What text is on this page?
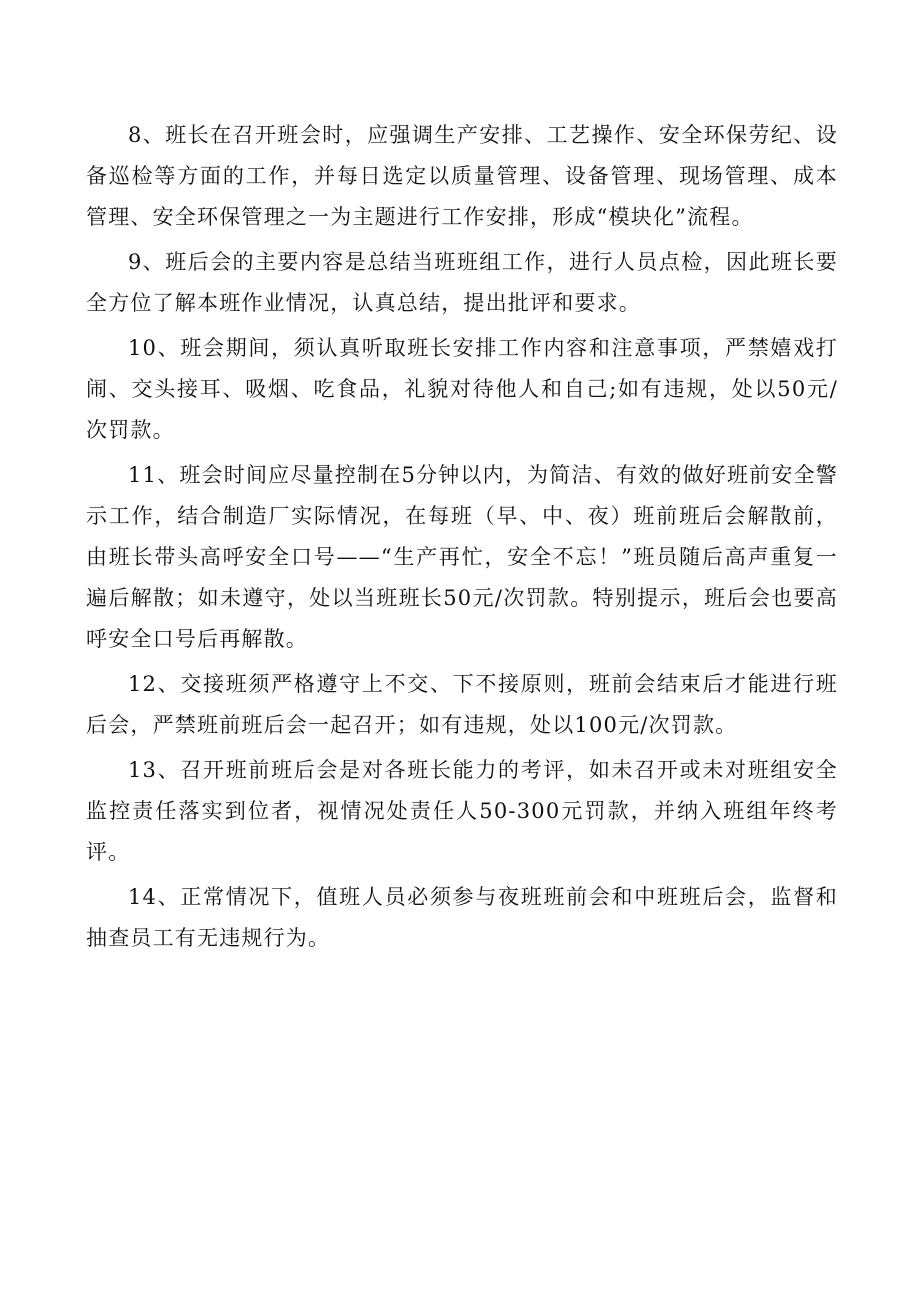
8、班长在召开班会时，应强调生产安排、工艺操作、安全环保劳纪、设备巡检等方面的工作，并每日选定以质量管理、设备管理、现场管理、成本管理、安全环保管理之一为主题进行工作安排，形成“模块化”流程。

9、班后会的主要内容是总结当班班组工作，进行人员点检，因此班长要全方位了解本班作业情况，认真总结，提出批评和要求。

10、班会期间，须认真听取班长安排工作内容和注意事项，严禁嬉戏打闹、交头接耳、吸烟、吃食品，礼貌对待他人和自己;如有违规，处以50元/次罚款。

11、班会时间应尽量控制在5分钟以内，为简洁、有效的做好班前安全警示工作，结合制造厂实际情况，在每班（早、中、夜）班前班后会解散前，由班长带头高呼安全口号——“生产再忙，安全不忘！”班员随后高声重复一遍后解散；如未遵守，处以当班班长50元/次罚款。特别提示，班后会也要高呼安全口号后再解散。

12、交接班须严格遵守上不交、下不接原则，班前会结束后才能进行班后会，严禁班前班后会一起召开；如有违规，处以100元/次罚款。

13、召开班前班后会是对各班长能力的考评，如未召开或未对班组安全监控责任落实到位者，视情况处责任人50-300元罚款，并纳入班组年终考评。

14、正常情况下，值班人员必须参与夜班班前会和中班班后会，监督和抽查员工有无违规行为。
